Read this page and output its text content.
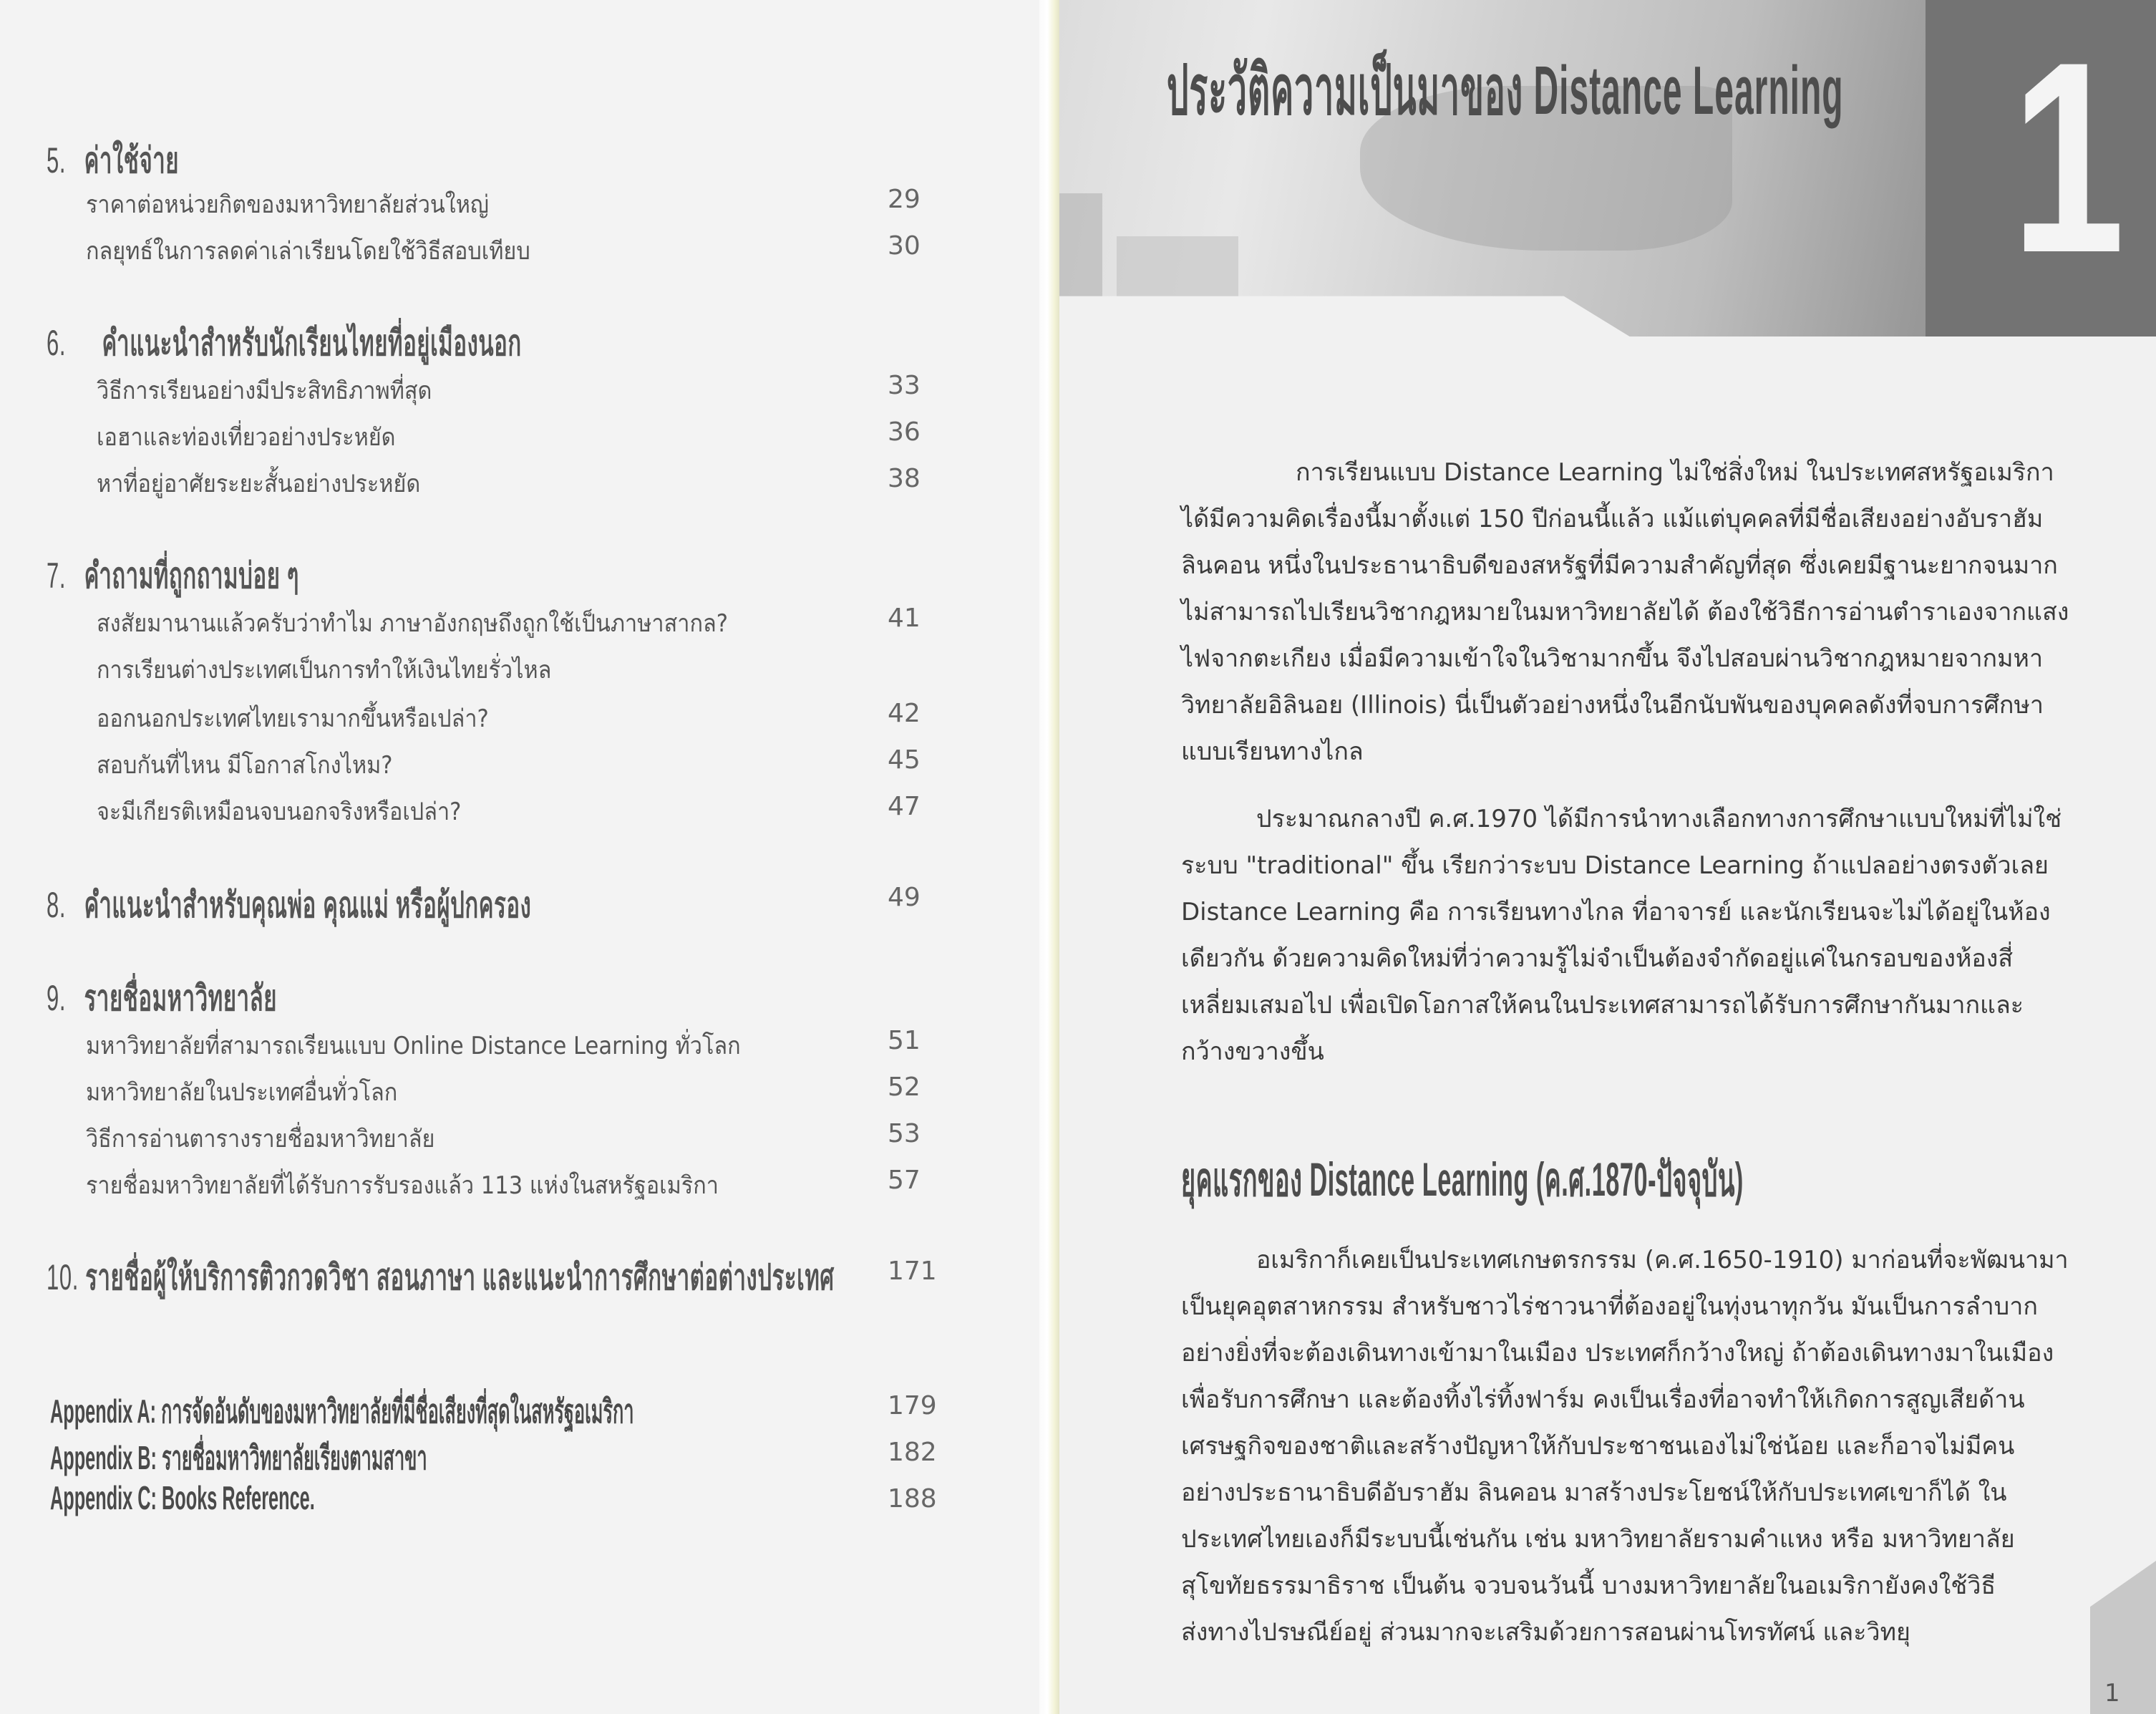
5. ค่าใช้จ่าย
ราคาต่อหน่วยกิตของมหาวิทยาลัยส่วนใหญ่	29
กลยุทธ์ในการลดค่าเล่าเรียนโดยใช้วิธีสอบเทียบ	30
6. คำแนะนำสำหรับนักเรียนไทยที่อยู่เมืองนอก
วิธีการเรียนอย่างมีประสิทธิภาพที่สุด	33
เอฮาและท่องเที่ยวอย่างประหยัด	36
หาที่อยู่อาศัยระยะสั้นอย่างประหยัด	38
7. คำถามที่ถูกถามบ่อย ๆ
สงสัยมานานแล้วครับว่าทำไม ภาษาอังกฤษถึงถูกใช้เป็นภาษาสากล?	41
การเรียนต่างประเทศเป็นการทำให้เงินไทยรั่วไหล
ออกนอกประเทศไทยเรามากขึ้นหรือเปล่า?	42
สอบกันที่ไหน มีโอกาสโกงไหม?	45
จะมีเกียรติเหมือนจบนอกจริงหรือเปล่า?	47
8. คำแนะนำสำหรับคุณพ่อ คุณแม่ หรือผู้ปกครอง	49
9. รายชื่อมหาวิทยาลัย
มหาวิทยาลัยที่สามารถเรียนแบบ Online Distance Learning ทั่วโลก	51
มหาวิทยาลัยในประเทศอื่นทั่วโลก	52
วิธีการอ่านตารางรายชื่อมหาวิทยาลัย	53
รายชื่อมหาวิทยาลัยที่ได้รับการรับรองแล้ว 113 แห่งในสหรัฐอเมริกา	57
10. รายชื่อผู้ให้บริการติวกวดวิชา สอนภาษา และแนะนำการศึกษาต่อต่างประเทศ 171
Appendix A: การจัดอันดับของมหาวิทยาลัยที่มีชื่อเสียงที่สุดในสหรัฐอเมริกา	179
Appendix B: รายชื่อมหาวิทยาลัยเรียงตามสาขา	182
Appendix C: Books Reference.	188
1
ประวัติความเป็นมาของ Distance Learning
การเรียนแบบ Distance Learning ไม่ใช่สิ่งใหม่ ในประเทศสหรัฐอเมริกา
ได้มีความคิดเรื่องนี้มาตั้งแต่ 150 ปีก่อนนี้แล้ว แม้แต่บุคคลที่มีชื่อเสียงอย่างอับราฮัม
ลินคอน หนึ่งในประธานาธิบดีของสหรัฐที่มีความสำคัญที่สุด ซึ่งเคยมีฐานะยากจนมาก
ไม่สามารถไปเรียนวิชากฎหมายในมหาวิทยาลัยได้ ต้องใช้วิธีการอ่านตำราเองจากแสง
ไฟจากตะเกียง เมื่อมีความเข้าใจในวิชามากขึ้น จึงไปสอบผ่านวิชากฎหมายจากมหา
วิทยาลัยอิลินอย (Illinois) นี่เป็นตัวอย่างหนึ่งในอีกนับพันของบุคคลดังที่จบการศึกษา
แบบเรียนทางไกล
ประมาณกลางปี ค.ศ.1970 ได้มีการนำทางเลือกทางการศึกษาแบบใหม่ที่ไม่ใช่
ระบบ "traditional" ขึ้น เรียกว่าระบบ Distance Learning ถ้าแปลอย่างตรงตัวเลย
Distance Learning คือ การเรียนทางไกล ที่อาจารย์ และนักเรียนจะไม่ได้อยู่ในห้อง
เดียวกัน ด้วยความคิดใหม่ที่ว่าความรู้ไม่จำเป็นต้องจำกัดอยู่แค่ในกรอบของห้องสี่
เหลี่ยมเสมอไป เพื่อเปิดโอกาสให้คนในประเทศสามารถได้รับการศึกษากันมากและ
กว้างขวางขึ้น
ยุคแรกของ Distance Learning (ค.ศ.1870-ปัจจุบัน)
อเมริกาก็เคยเป็นประเทศเกษตรกรรม (ค.ศ.1650-1910) มาก่อนที่จะพัฒนามา
เป็นยุคอุตสาหกรรม สำหรับชาวไร่ชาวนาที่ต้องอยู่ในทุ่งนาทุกวัน มันเป็นการลำบาก
อย่างยิ่งที่จะต้องเดินทางเข้ามาในเมือง ประเทศก็กว้างใหญ่ ถ้าต้องเดินทางมาในเมือง
เพื่อรับการศึกษา และต้องทิ้งไร่ทิ้งฟาร์ม คงเป็นเรื่องที่อาจทำให้เกิดการสูญเสียด้าน
เศรษฐกิจของชาติและสร้างปัญหาให้กับประชาชนเองไม่ใช่น้อย และก็อาจไม่มีคน
อย่างประธานาธิบดีอับราฮัม ลินคอน มาสร้างประโยชน์ให้กับประเทศเขาก็ได้ ใน
ประเทศไทยเองก็มีระบบนี้เช่นกัน เช่น มหาวิทยาลัยรามคำแหง หรือ มหาวิทยาลัย
สุโขทัยธรรมาธิราช เป็นต้น จวบจนวันนี้ บางมหาวิทยาลัยในอเมริกายังคงใช้วิธี
ส่งทางไปรษณีย์อยู่ ส่วนมากจะเสริมด้วยการสอนผ่านโทรทัศน์ และวิทยุ
1
